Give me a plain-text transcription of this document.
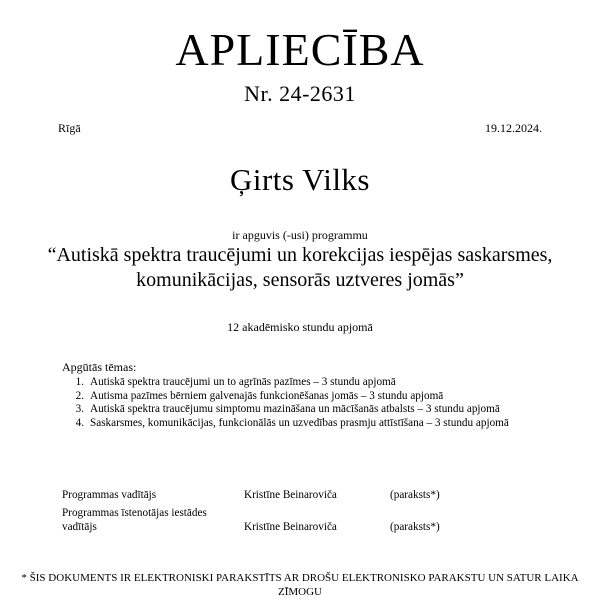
APLIECĪBA
Nr. 24-2631
Rīgā	19.12.2024.
Ģirts Vilks
ir apguvis (-usi) programmu
“Autiskā spektra traucējumi un korekcijas iespējas saskarsmes, komunikācijas, sensorās uztveres jomās”
12 akadēmisko stundu apjomā
Apgūtās tēmas:
1. Autiskā spektra traucējumi un to agrīnās pazīmes – 3 stundu apjomā
2. Autisma pazīmes bērniem galvenajās funkcionēšanas jomās – 3 stundu apjomā
3. Autiskā spektra traucējumu simptomu mazināšana un mācīšanās atbalsts – 3 stundu apjomā
4. Saskarsmes, komunikācijas, funkcionālās un uzvedības prasmju attīstīšana – 3 stundu apjomā
Programmas vadītājs	Kristīne Beinaroviča	(paraksts*)
Programmas īstenotājas iestādes vadītājs	Kristīne Beinaroviča	(paraksts*)
* ŠIS DOKUMENTS IR ELEKTRONISKI PARAKSTĪTS AR DROŠU ELEKTRONISKO PARAKSTU UN SATUR LAIKA ZĪMOGU
